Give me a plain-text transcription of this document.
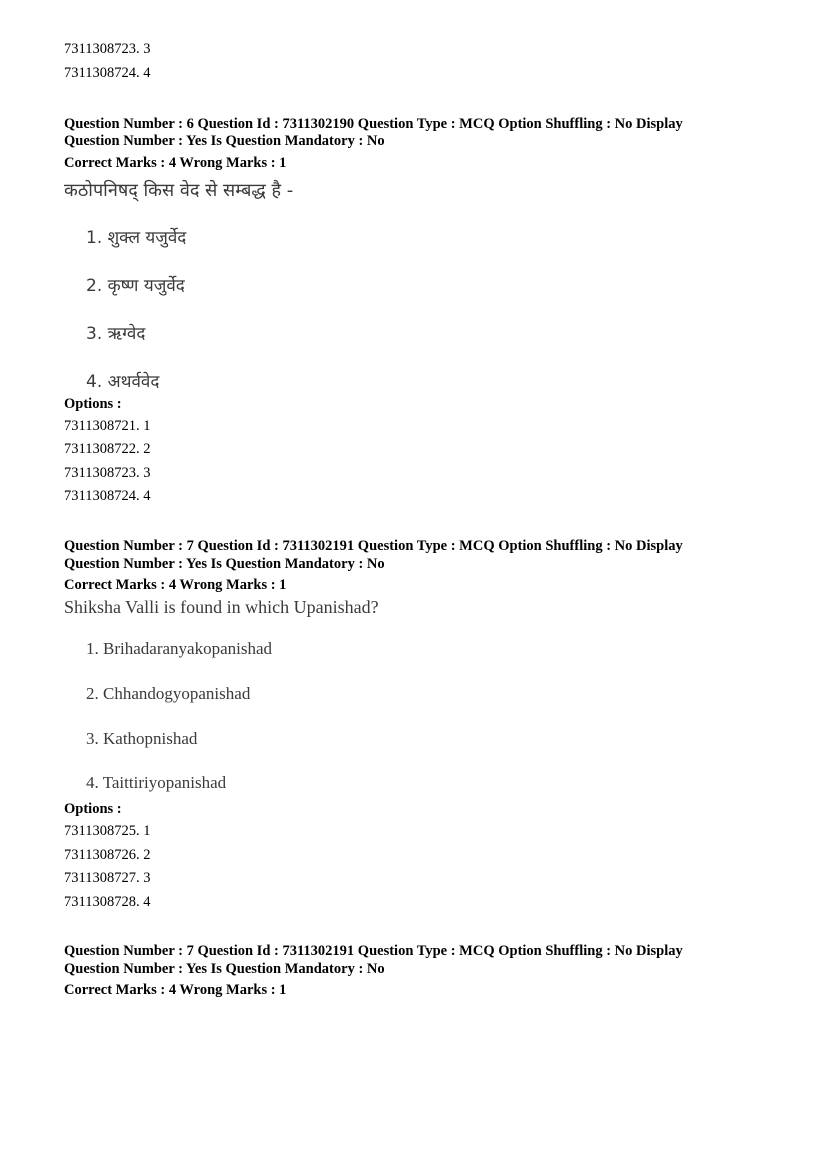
7311308723. 3
7311308724. 4
Question Number : 6 Question Id : 7311302190 Question Type : MCQ Option Shuffling : No Display
Question Number : Yes Is Question Mandatory : No
Correct Marks : 4 Wrong Marks : 1
कठोपनिषद् किस वेद से सम्बद्ध है -
1. शुक्ल यजुर्वेद
2. कृष्ण यजुर्वेद
3. ऋग्वेद
4. अथर्ववेद
Options :
7311308721. 1
7311308722. 2
7311308723. 3
7311308724. 4
Question Number : 7 Question Id : 7311302191 Question Type : MCQ Option Shuffling : No Display
Question Number : Yes Is Question Mandatory : No
Correct Marks : 4 Wrong Marks : 1
Shiksha Valli is found in which Upanishad?
1. Brihadaranyakopanishad
2. Chhandogyopanishad
3. Kathopnishad
4. Taittiriyopanishad
Options :
7311308725. 1
7311308726. 2
7311308727. 3
7311308728. 4
Question Number : 7 Question Id : 7311302191 Question Type : MCQ Option Shuffling : No Display
Question Number : Yes Is Question Mandatory : No
Correct Marks : 4 Wrong Marks : 1
